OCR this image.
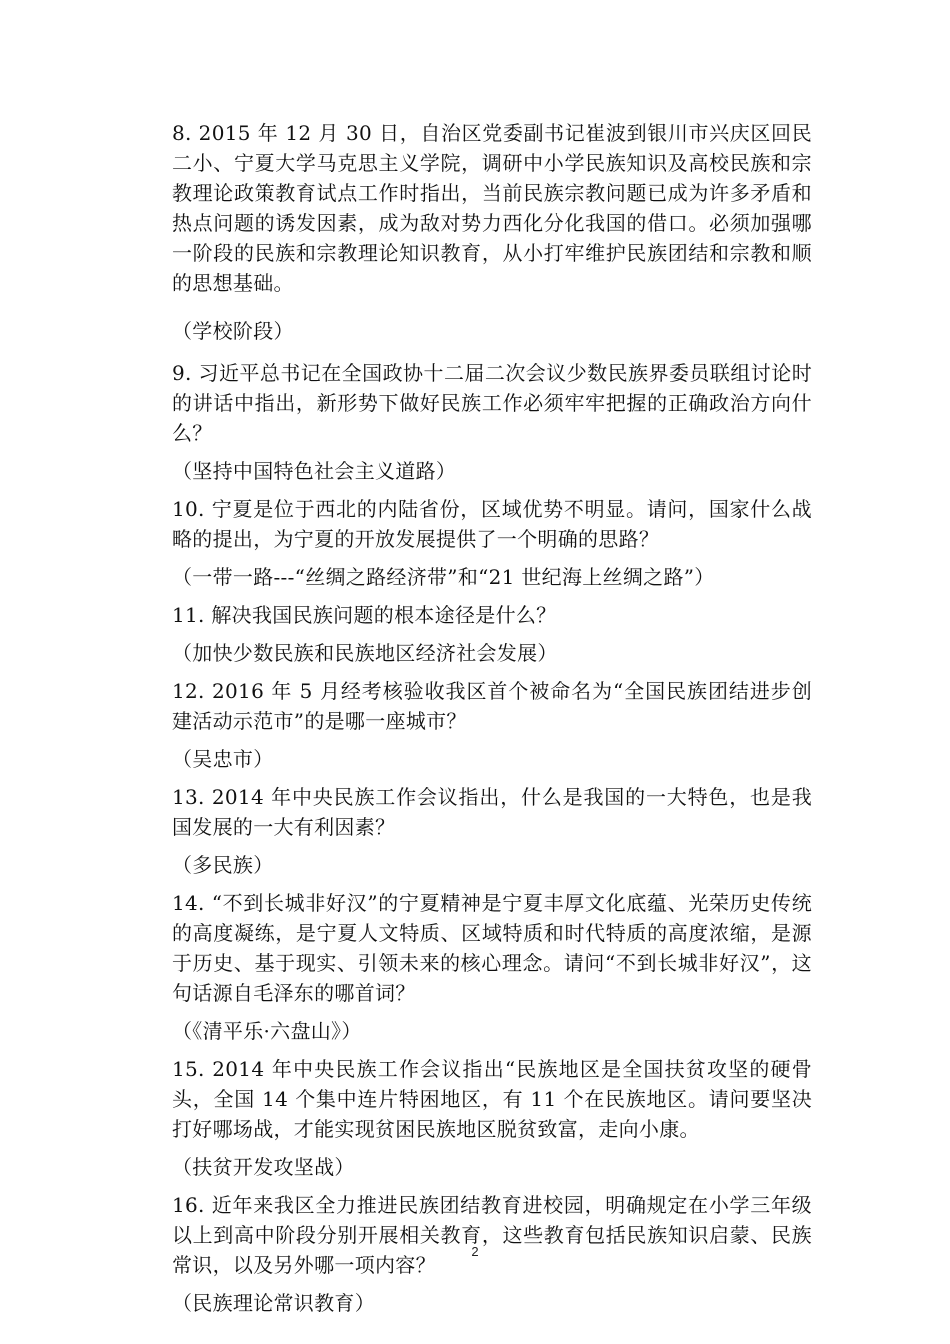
8. 2015 年 12 月 30 日，自治区党委副书记崔波到银川市兴庆区回民二小、宁夏大学马克思主义学院，调研中小学民族知识及高校民族和宗教理论政策教育试点工作时指出，当前民族宗教问题已成为许多矛盾和热点问题的诱发因素，成为敌对势力西化分化我国的借口。必须加强哪一阶段的民族和宗教理论知识教育，从小打牢维护民族团结和宗教和顺的思想基础。

（学校阶段）

9. 习近平总书记在全国政协十二届二次会议少数民族界委员联组讨论时的讲话中指出，新形势下做好民族工作必须牢牢把握的正确政治方向什么？

（坚持中国特色社会主义道路）

10. 宁夏是位于西北的内陆省份，区域优势不明显。请问，国家什么战略的提出，为宁夏的开放发展提供了一个明确的思路？

（一带一路---“丝绸之路经济带”和“21 世纪海上丝绸之路”）

11. 解决我国民族问题的根本途径是什么？

（加快少数民族和民族地区经济社会发展）

12. 2016 年 5 月经考核验收我区首个被命名为“全国民族团结进步创建活动示范市”的是哪一座城市？

（吴忠市）

13. 2014 年中央民族工作会议指出，什么是我国的一大特色，也是我国发展的一大有利因素？

（多民族）

14. “不到长城非好汉”的宁夏精神是宁夏丰厚文化底蕴、光荣历史传统的高度凝练，是宁夏人文特质、区域特质和时代特质的高度浓缩，是源于历史、基于现实、引领未来的核心理念。请问“不到长城非好汉”，这句话源自毛泽东的哪首词？

（《清平乐·六盘山》）

15. 2014 年中央民族工作会议指出“民族地区是全国扶贫攻坚的硬骨头，全国 14 个集中连片特困地区，有 11 个在民族地区。请问要坚决打好哪场战，才能实现贫困民族地区脱贫致富，走向小康。

（扶贫开发攻坚战）

16. 近年来我区全力推进民族团结教育进校园，明确规定在小学三年级以上到高中阶段分别开展相关教育，这些教育包括民族知识启蒙、民族常识，以及另外哪一项内容？

（民族理论常识教育）

2
